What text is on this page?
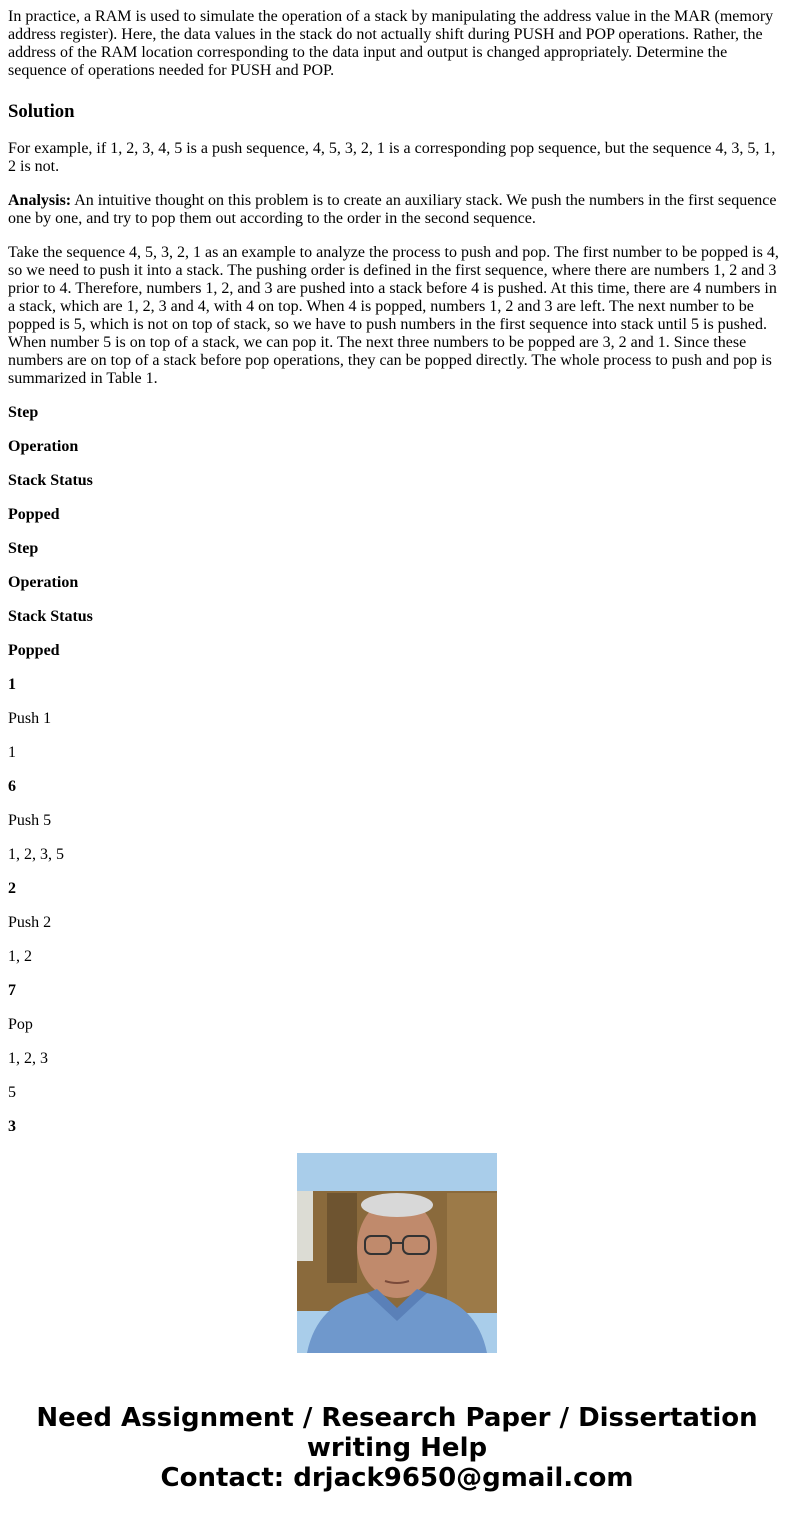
In practice, a RAM is used to simulate the operation of a stack by manipulating the address value in the MAR (memory address register). Here, the data values in the stack do not actually shift during PUSH and POP operations. Rather, the address of the RAM location corresponding to the data input and output is changed appropriately. Determine the sequence of operations needed for PUSH and POP.

Solution

For example, if 1, 2, 3, 4, 5 is a push sequence, 4, 5, 3, 2, 1 is a corresponding pop sequence, but the sequence 4, 3, 5, 1, 2 is not.

Analysis: An intuitive thought on this problem is to create an auxiliary stack. We push the numbers in the first sequence one by one, and try to pop them out according to the order in the second sequence.

Take the sequence 4, 5, 3, 2, 1 as an example to analyze the process to push and pop. The first number to be popped is 4, so we need to push it into a stack. The pushing order is defined in the first sequence, where there are numbers 1, 2 and 3 prior to 4. Therefore, numbers 1, 2, and 3 are pushed into a stack before 4 is pushed. At this time, there are 4 numbers in a stack, which are 1, 2, 3 and 4, with 4 on top. When 4 is popped, numbers 1, 2 and 3 are left. The next number to be popped is 5, which is not on top of stack, so we have to push numbers in the first sequence into stack until 5 is pushed. When number 5 is on top of a stack, we can pop it. The next three numbers to be popped are 3, 2 and 1. Since these numbers are on top of a stack before pop operations, they can be popped directly. The whole process to push and pop is summarized in Table 1.

Step

Operation

Stack Status

Popped

Step

Operation

Stack Status

Popped

1

Push 1

1

6

Push 5

1, 2, 3, 5

2

Push 2

1, 2

7

Pop

1, 2, 3

5

3

Need Assignment / Research Paper / Dissertation
writing Help
Contact: drjack9650@gmail.com
